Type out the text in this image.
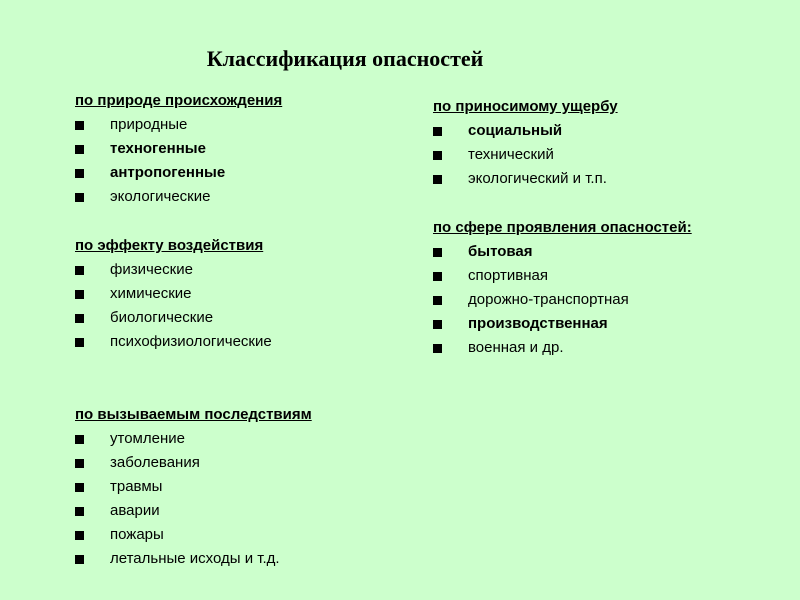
Классификация опасностей
по природе происхождения
природные
техногенные
антропогенные
экологические
по эффекту воздействия
физические
химические
биологические
психофизиологические
по вызываемым последствиям
утомление
заболевания
травмы
аварии
пожары
летальные исходы и т.д.
по приносимому ущербу
социальный
технический
экологический и т.п.
по сфере проявления опасностей:
бытовая
спортивная
дорожно-транспортная
производственная
военная и др.
